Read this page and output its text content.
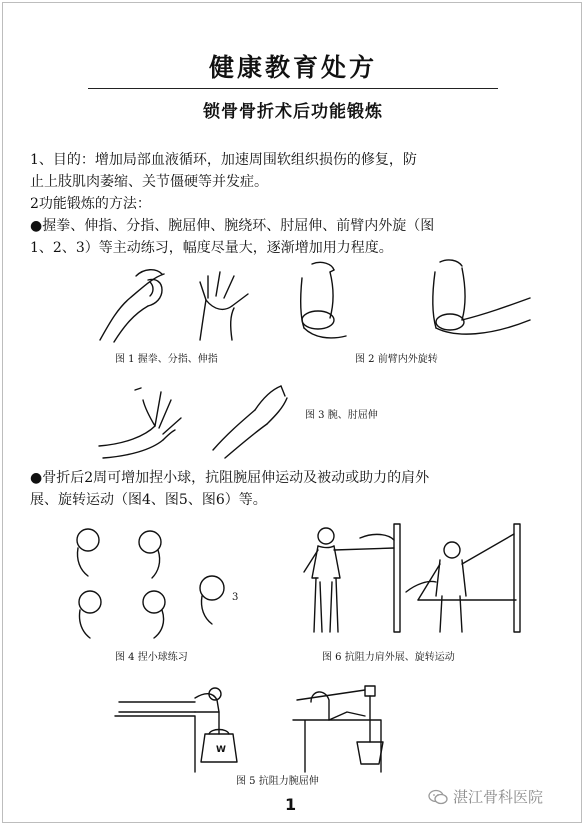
健康教育处方
锁骨骨折术后功能锻炼
1、目的：增加局部血液循环，加速周围软组织损伤的修复，防
止上肢肌肉萎缩、关节僵硬等并发症。
2功能锻炼的方法：
●握拳、伸指、分指、腕屈伸、腕绕环、肘屈伸、前臂内外旋（图
1、2、3）等主动练习，幅度尽量大，逐渐增加用力程度。
图 1 握拳、分指、伸指	图 2 前臂内外旋转
图 3 腕、肘屈伸
●骨折后2周可增加捏小球，抗阻腕屈伸运动及被动或助力的肩外
展、旋转运动（图4、图5、图6）等。
3
图 4 捏小球练习	图 6 抗阻力肩外展、旋转运动
W
图 5 抗阻力腕屈伸
1	湛江骨科医院
